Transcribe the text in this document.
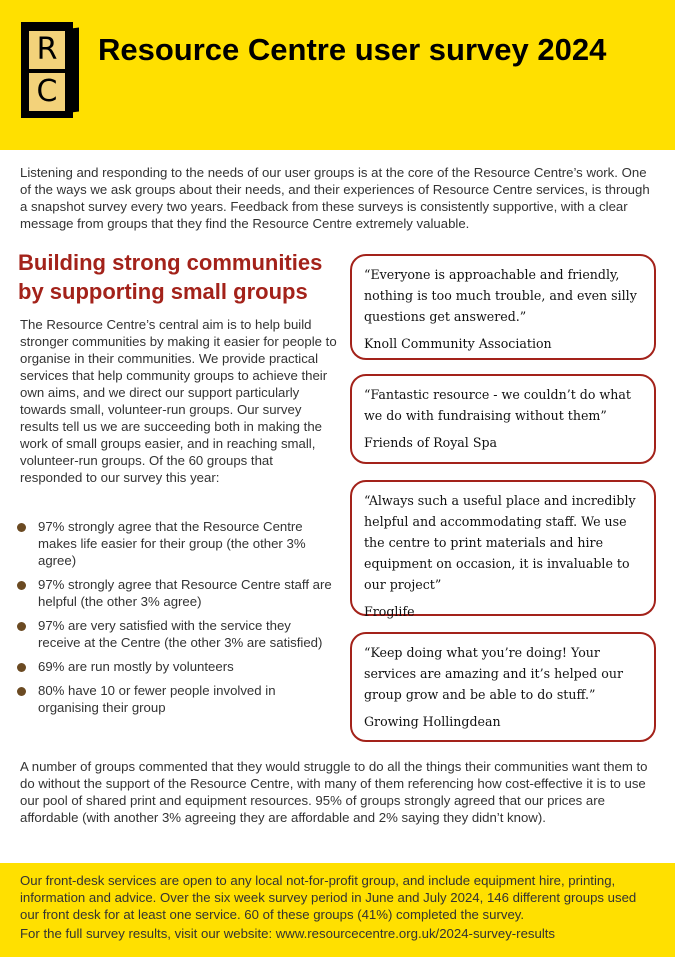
R
C
Resource Centre user survey 2024

Listening and responding to the needs of our user groups is at the core of the Resource Centre’s work. One of the ways we ask groups about their needs, and their experiences of Resource Centre services, is through a snapshot survey every two years. Feedback from these surveys is consistently supportive, with a clear message from groups that they find the Resource Centre extremely valuable.

Building strong communities by supporting small groups

The Resource Centre’s central aim is to help build stronger communities by making it easier for people to organise in their communities. We provide practical services that help community groups to achieve their own aims, and we direct our support particularly towards small, volunteer-run groups. Our survey results tell us we are succeeding both in making the work of small groups easier, and in reaching small, volunteer-run groups. Of the 60 groups that responded to our survey this year:

97% strongly agree that the Resource Centre makes life easier for their group (the other 3% agree)
97% strongly agree that Resource Centre staff are helpful (the other 3% agree)
97% are very satisfied with the service they receive at the Centre (the other 3% are satisfied)
69% are run mostly by volunteers
80% have 10 or fewer people involved in organising their group

“Everyone is approachable and friendly, nothing is too much trouble, and even silly questions get answered.”

Knoll Community Association

“Fantastic resource - we couldn’t do what we do with fundraising without them”

Friends of Royal Spa

“Always such a useful place and incredibly helpful and accommodating staff. We use the centre to print materials and hire equipment on occasion, it is invaluable to our project”

Froglife

“Keep doing what you’re doing! Your services are amazing and it’s helped our group grow and be able to do stuff.”

Growing Hollingdean

A number of groups commented that they would struggle to do all the things their communities want them to do without the support of the Resource Centre, with many of them referencing how cost-effective it is to use our pool of shared print and equipment resources. 95% of groups strongly agreed that our prices are affordable (with another 3% agreeing they are affordable and 2% saying they didn’t know).

Our front-desk services are open to any local not-for-profit group, and include equipment hire, printing, information and advice. Over the six week survey period in June and July 2024, 146 different groups used our front desk for at least one service. 60 of these groups (41%) completed the survey.

For the full survey results, visit our website: www.resourcecentre.org.uk/2024-survey-results
